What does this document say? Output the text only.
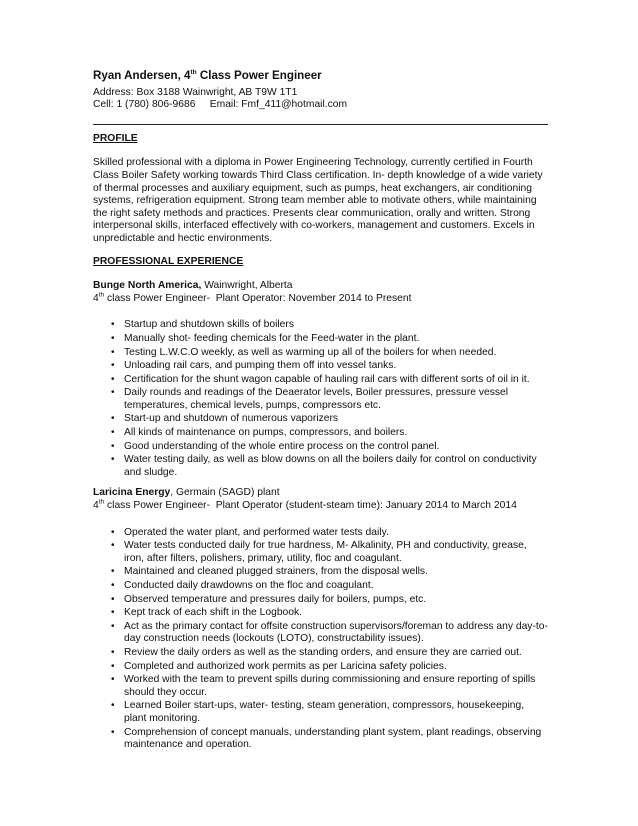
Ryan Andersen, 4th Class Power Engineer

Address: Box 3188 Wainwright, AB T9W 1T1

Cell: 1 (780) 806-9686     Email: Fmf_411@hotmail.com

PROFILE

Skilled professional with a diploma in Power Engineering Technology, currently certified in Fourth Class Boiler Safety working towards Third Class certification. In- depth knowledge of a wide variety of thermal processes and auxiliary equipment, such as pumps, heat exchangers, air conditioning systems, refrigeration equipment. Strong team member able to motivate others, while maintaining the right safety methods and practices. Presents clear communication, orally and written. Strong interpersonal skills, interfaced effectively with co-workers, management and customers. Excels in unpredictable and hectic environments.

PROFESSIONAL EXPERIENCE

Bunge North America, Wainwright, Alberta

4th class Power Engineer-  Plant Operator: November 2014 to Present

• Startup and shutdown skills of boilers
• Manually shot- feeding chemicals for the Feed-water in the plant.
• Testing L.W.C.O weekly, as well as warming up all of the boilers for when needed.
• Unloading rail cars, and pumping them off into vessel tanks.
• Certification for the shunt wagon capable of hauling rail cars with different sorts of oil in it.
• Daily rounds and readings of the Deaerator levels, Boiler pressures, pressure vessel temperatures, chemical levels, pumps, compressors etc.
• Start-up and shutdown of numerous vaporizers
• All kinds of maintenance on pumps, compressors, and boilers.
• Good understanding of the whole entire process on the control panel.
• Water testing daily, as well as blow downs on all the boilers daily for control on conductivity and sludge.

Laricina Energy, Germain (SAGD) plant

4th class Power Engineer-  Plant Operator (student-steam time): January 2014 to March 2014

• Operated the water plant, and performed water tests daily.
• Water tests conducted daily for true hardness, M- Alkalinity, PH and conductivity, grease, iron, after filters, polishers, primary, utility, floc and coagulant.
• Maintained and cleaned plugged strainers, from the disposal wells.
• Conducted daily drawdowns on the floc and coagulant.
• Observed temperature and pressures daily for boilers, pumps, etc.
• Kept track of each shift in the Logbook.
• Act as the primary contact for offsite construction supervisors/foreman to address any day-to-day construction needs (lockouts (LOTO), constructability issues).
• Review the daily orders as well as the standing orders, and ensure they are carried out.
• Completed and authorized work permits as per Laricina safety policies.
• Worked with the team to prevent spills during commissioning and ensure reporting of spills should they occur.
• Learned Boiler start-ups, water- testing, steam generation, compressors, housekeeping, plant monitoring.
• Comprehension of concept manuals, understanding plant system, plant readings, observing maintenance and operation.
